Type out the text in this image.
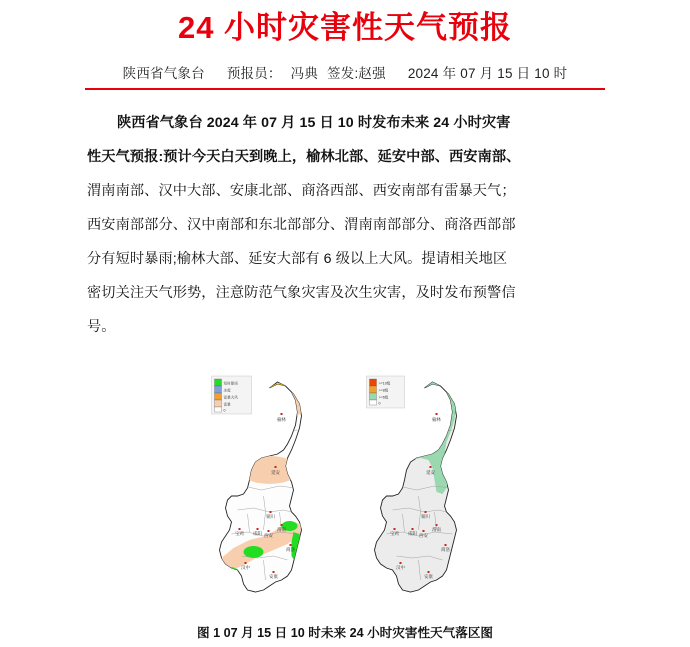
24 小时灾害性天气预报
陕西省气象台 预报员： 冯典 签发:赵强 2024 年 07 月 15 日 10 时
陕西省气象台 2024 年 07 月 15 日 10 时发布未来 24 小时灾害
性天气预报:预计今天白天到晚上，榆林北部、延安中部、西安南部、
渭南南部、汉中大部、安康北部、商洛西部、西安南部有雷暴天气；
西安南部部分、汉中南部和东北部部分、渭南南部部分、商洛西部部
分有短时暴雨;榆林大部、延安大部有 6 级以上大风。提请相关地区
密切关注天气形势，注意防范气象灾害及次生灾害，及时发布预警信
号。
榆林
延安
铜川
宝鸡 咸阳 西安
渭南
商洛
汉中
安康
短时暴雨
冰雹
雷暴大风
雷暴
0
榆林
延安
铜川
宝鸡 咸阳 西安
渭南
商洛
汉中
安康
>=10级
>=8级
>=6级
0
图 1 07 月 15 日 10 时未来 24 小时灾害性天气落区图
